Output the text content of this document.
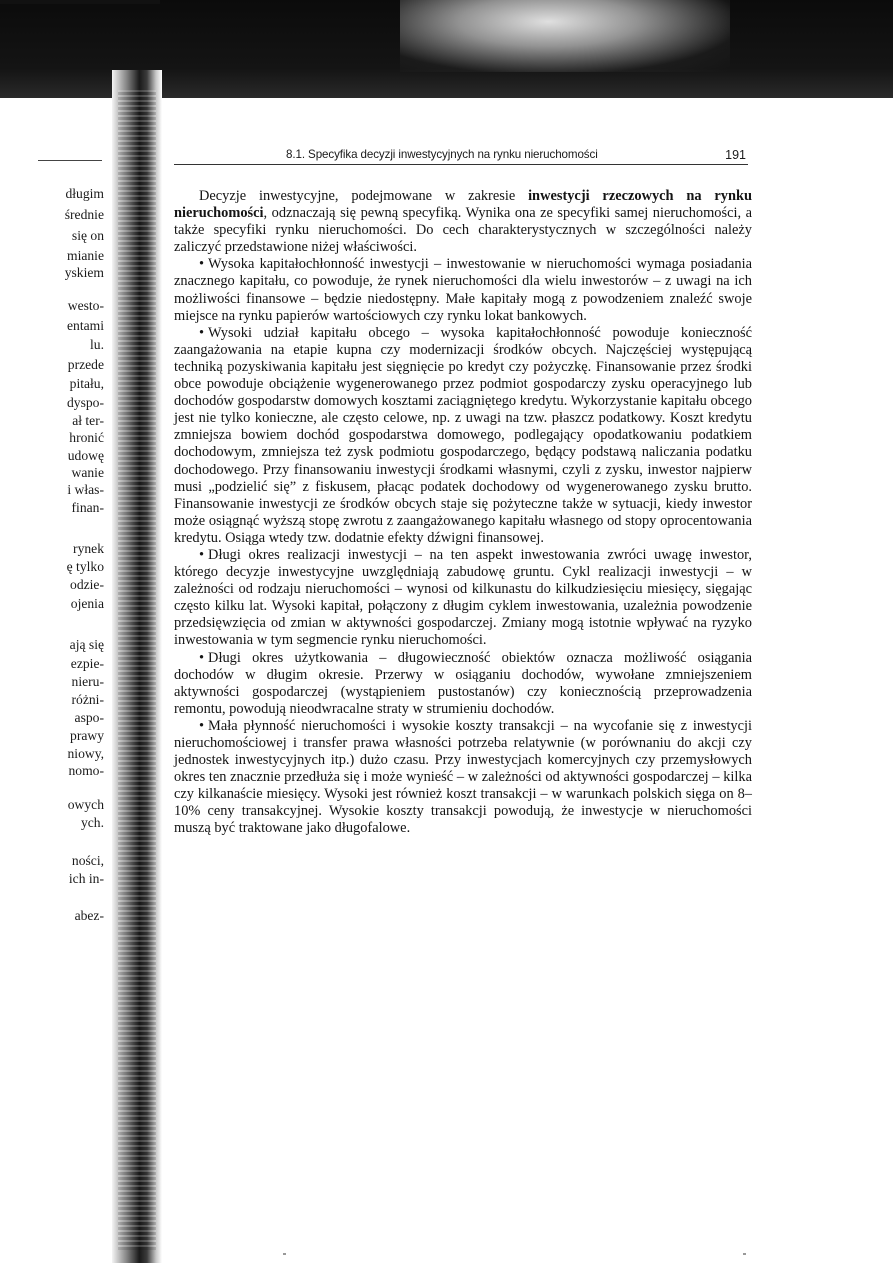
długim

średnie

się on

mianie

yskiem

westo-

entami

lu.

przede

pitału,

dyspo-

ał ter-

hronić

udowę

wanie

i włas-

finan-

rynek

ę tylko

odzie-

ojenia

ają się

ezpie-

nieru-

różni-

aspo-

prawy

niowy,

nomo-

owych

ych.

ności,

ich in-

abez-

8.1. Specyfika decyzji inwestycyjnych na rynku nieruchomości	191

Decyzje inwestycyjne, podejmowane w zakresie inwestycji rzeczowych na rynku nieruchomości, odznaczają się pewną specyfiką. Wynika ona ze specyfiki samej nieruchomości, a także specyfiki rynku nieruchomości. Do cech charakterystycznych w szczególności należy zaliczyć przedstawione niżej właściwości.

• Wysoka kapitałochłonność inwestycji – inwestowanie w nieruchomości wymaga posiadania znacznego kapitału, co powoduje, że rynek nieruchomości dla wielu inwestorów – z uwagi na ich możliwości finansowe – będzie niedostępny. Małe kapitały mogą z powodzeniem znaleźć swoje miejsce na rynku papierów wartościowych czy rynku lokat bankowych.

• Wysoki udział kapitału obcego – wysoka kapitałochłonność powoduje konieczność zaangażowania na etapie kupna czy modernizacji środków obcych. Najczęściej występującą techniką pozyskiwania kapitału jest sięgnięcie po kredyt czy pożyczkę. Finansowanie przez środki obce powoduje obciążenie wygenerowanego przez podmiot gospodarczy zysku operacyjnego lub dochodów gospodarstw domowych kosztami zaciągniętego kredytu. Wykorzystanie kapitału obcego jest nie tylko konieczne, ale często celowe, np. z uwagi na tzw. płaszcz podatkowy. Koszt kredytu zmniejsza bowiem dochód gospodarstwa domowego, podlegający opodatkowaniu podatkiem dochodowym, zmniejsza też zysk podmiotu gospodarczego, będący podstawą naliczania podatku dochodowego. Przy finansowaniu inwestycji środkami własnymi, czyli z zysku, inwestor najpierw musi „podzielić się” z fiskusem, płacąc podatek dochodowy od wygenerowanego zysku brutto. Finansowanie inwestycji ze środków obcych staje się pożyteczne także w sytuacji, kiedy inwestor może osiągnąć wyższą stopę zwrotu z zaangażowanego kapitału własnego od stopy oprocentowania kredytu. Osiąga wtedy tzw. dodatnie efekty dźwigni finansowej.

• Długi okres realizacji inwestycji – na ten aspekt inwestowania zwróci uwagę inwestor, którego decyzje inwestycyjne uwzględniają zabudowę gruntu. Cykl realizacji inwestycji – w zależności od rodzaju nieruchomości – wynosi od kilkunastu do kilkudziesięciu miesięcy, sięgając często kilku lat. Wysoki kapitał, połączony z długim cyklem inwestowania, uzależnia powodzenie przedsięwzięcia od zmian w aktywności gospodarczej. Zmiany mogą istotnie wpływać na ryzyko inwestowania w tym segmencie rynku nieruchomości.

• Długi okres użytkowania – długowieczność obiektów oznacza możliwość osiągania dochodów w długim okresie. Przerwy w osiąganiu dochodów, wywołane zmniejszeniem aktywności gospodarczej (wystąpieniem pustostanów) czy koniecznością przeprowadzenia remontu, powodują nieodwracalne straty w strumieniu dochodów.

• Mała płynność nieruchomości i wysokie koszty transakcji – na wycofanie się z inwestycji nieruchomościowej i transfer prawa własności potrzeba relatywnie (w porównaniu do akcji czy jednostek inwestycyjnych itp.) dużo czasu. Przy inwestycjach komercyjnych czy przemysłowych okres ten znacznie przedłuża się i może wynieść – w zależności od aktywności gospodarczej – kilka czy kilkanaście miesięcy. Wysoki jest również koszt transakcji – w warunkach polskich sięga on 8–10% ceny transakcyjnej. Wysokie koszty transakcji powodują, że inwestycje w nieruchomości muszą być traktowane jako długofalowe.
